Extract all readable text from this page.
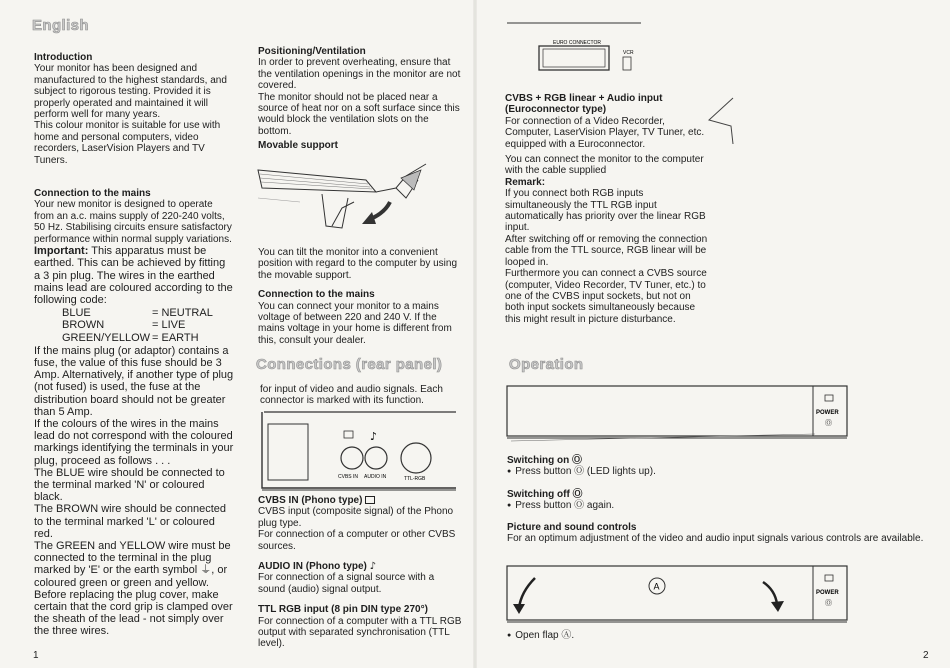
English

Introduction

Your monitor has been designed and manufactured to the highest standards, and subject to rigorous testing. Provided it is properly operated and maintained it will perform well for many years.

This colour monitor is suitable for use with home and personal computers, video recorders, LaserVision Players and TV Tuners.

Connection to the mains

Your new monitor is designed to operate from an a.c. mains supply of 220-240 volts, 50 Hz. Stabilising circuits ensure satisfactory performance within normal supply variations.

Important: This apparatus must be earthed. This can be achieved by fitting a 3 pin plug. The wires in the earthed mains lead are coloured according to the following code:

BLUE	= NEUTRAL
BROWN	= LIVE
GREEN/YELLOW = EARTH

If the mains plug (or adaptor) contains a fuse, the value of this fuse should be 3 Amp. Alternatively, if another type of plug (not fused) is used, the fuse at the distribution board should not be greater than 5 Amp.

If the colours of the wires in the mains lead do not correspond with the coloured markings identifying the terminals in your plug, proceed as follows . . .

The BLUE wire should be connected to the terminal marked 'N' or coloured black.

The BROWN wire should be connected to the terminal marked 'L' or coloured red.

The GREEN and YELLOW wire must be connected to the terminal in the plug marked by 'E' or the earth symbol ⏚, or coloured green or green and yellow.

Before replacing the plug cover, make certain that the cord grip is clamped over the sheath of the lead - not simply over the three wires.

Positioning/Ventilation

In order to prevent overheating, ensure that the ventilation openings in the monitor are not covered.

The monitor should not be placed near a source of heat nor on a soft surface since this would block the ventilation slots on the bottom.

Movable support

You can tilt the monitor into a convenient position with regard to the computer by using the movable support.

Connection to the mains

You can connect your monitor to a mains voltage of between 220 and 240 V. If the mains voltage in your home is different from this, consult your dealer.

Connections (rear panel)

for input of video and audio signals. Each connector is marked with its function.

♪
CVBS IN AUDIO IN	TTL-RGB

CVBS IN (Phono type)

CVBS input (composite signal) of the Phono plug type.

For connection of a computer or other CVBS sources.

AUDIO IN (Phono type) ♪

For connection of a signal source with a sound (audio) signal output.

TTL RGB input (8 pin DIN type 270°)

For connection of a computer with a TTL RGB output with separated synchronisation (TTL level).

1
EURO CONNECTOR
VCR

CVBS + RGB linear + Audio input (Euroconnector type)

For connection of a Video Recorder, Computer, LaserVision Player, TV Tuner, etc. equipped with a Euroconnector.

You can connect the monitor to the computer with the cable supplied

Remark:

If you connect both RGB inputs simultaneously the TTL RGB input automatically has priority over the linear RGB input.

After switching off or removing the connection cable from the TTL source, RGB linear will be looped in.

Furthermore you can connect a CVBS source (computer, Video Recorder, TV Tuner, etc.) to one of the CVBS input sockets, but not on both input sockets simultaneously because this might result in picture disturbance.

Operation
POWER
Ⓞ

Switching on Ⓞ

● Press button Ⓞ (LED lights up).

Switching off Ⓞ

● Press button Ⓞ again.

Picture and sound controls

For an optimum adjustment of the video and audio input signals various controls are available.

POWER
Ⓞ
A

● Open flap Ⓐ.

2
